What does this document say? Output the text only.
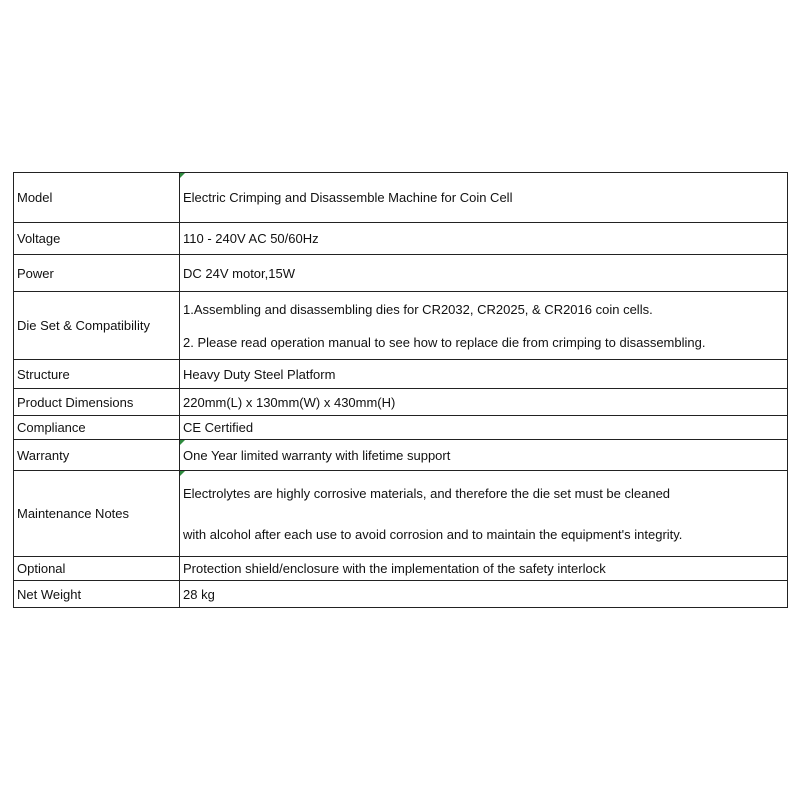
Model	Electric Crimping and Disassemble Machine for Coin Cell
Voltage	110 - 240V AC 50/60Hz
Power	DC 24V motor,15W
Die Set & Compatibility	1.Assembling and disassembling dies for CR2032, CR2025, & CR2016 coin cells.
2. Please read operation manual to see how to replace die from crimping to disassembling.

Structure	Heavy Duty Steel Platform
Product Dimensions	220mm(L) x 130mm(W) x 430mm(H)
Compliance	CE Certified
Warranty	One Year limited warranty with lifetime support
Maintenance Notes	Electrolytes are highly corrosive materials, and therefore the die set must be cleaned
with alcohol after each use to avoid corrosion and to maintain the equipment's integrity.

Optional	Protection shield/enclosure with the implementation of the safety interlock
Net Weight	28 kg
